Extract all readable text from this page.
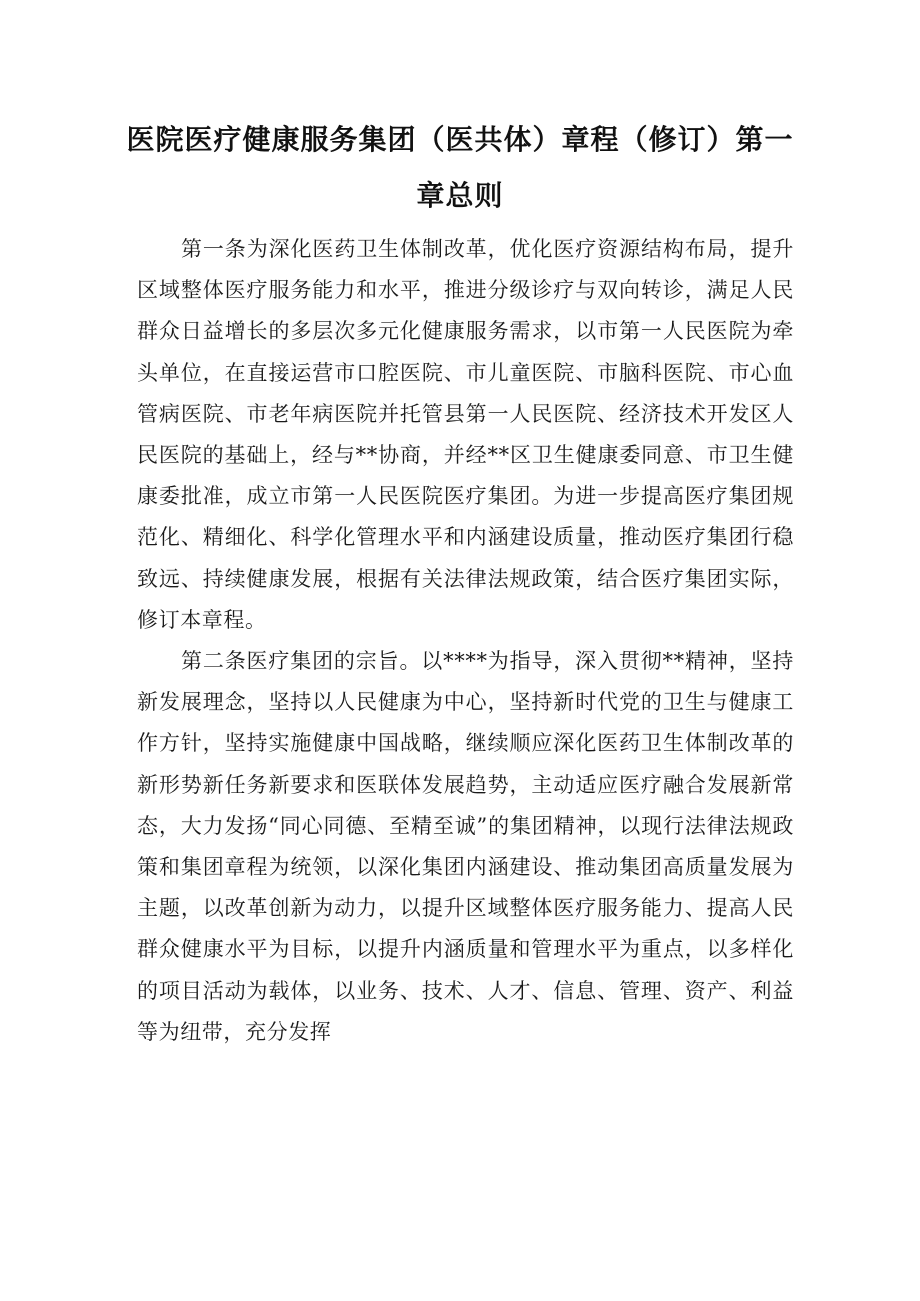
医院医疗健康服务集团（医共体）章程（修订）第一章总则

第一条为深化医药卫生体制改革，优化医疗资源结构布局，提升区域整体医疗服务能力和水平，推进分级诊疗与双向转诊，满足人民群众日益增长的多层次多元化健康服务需求，以市第一人民医院为牵头单位，在直接运营市口腔医院、市儿童医院、市脑科医院、市心血管病医院、市老年病医院并托管县第一人民医院、经济技术开发区人民医院的基础上，经与**协商，并经**区卫生健康委同意、市卫生健康委批准，成立市第一人民医院医疗集团。为进一步提高医疗集团规范化、精细化、科学化管理水平和内涵建设质量，推动医疗集团行稳致远、持续健康发展，根据有关法律法规政策，结合医疗集团实际，修订本章程。

第二条医疗集团的宗旨。以****为指导，深入贯彻**精神，坚持新发展理念，坚持以人民健康为中心，坚持新时代党的卫生与健康工作方针，坚持实施健康中国战略，继续顺应深化医药卫生体制改革的新形势新任务新要求和医联体发展趋势，主动适应医疗融合发展新常态，大力发扬“同心同德、至精至诚”的集团精神，以现行法律法规政策和集团章程为统领，以深化集团内涵建设、推动集团高质量发展为主题，以改革创新为动力，以提升区域整体医疗服务能力、提高人民群众健康水平为目标，以提升内涵质量和管理水平为重点，以多样化的项目活动为载体，以业务、技术、人才、信息、管理、资产、利益等为纽带，充分发挥
